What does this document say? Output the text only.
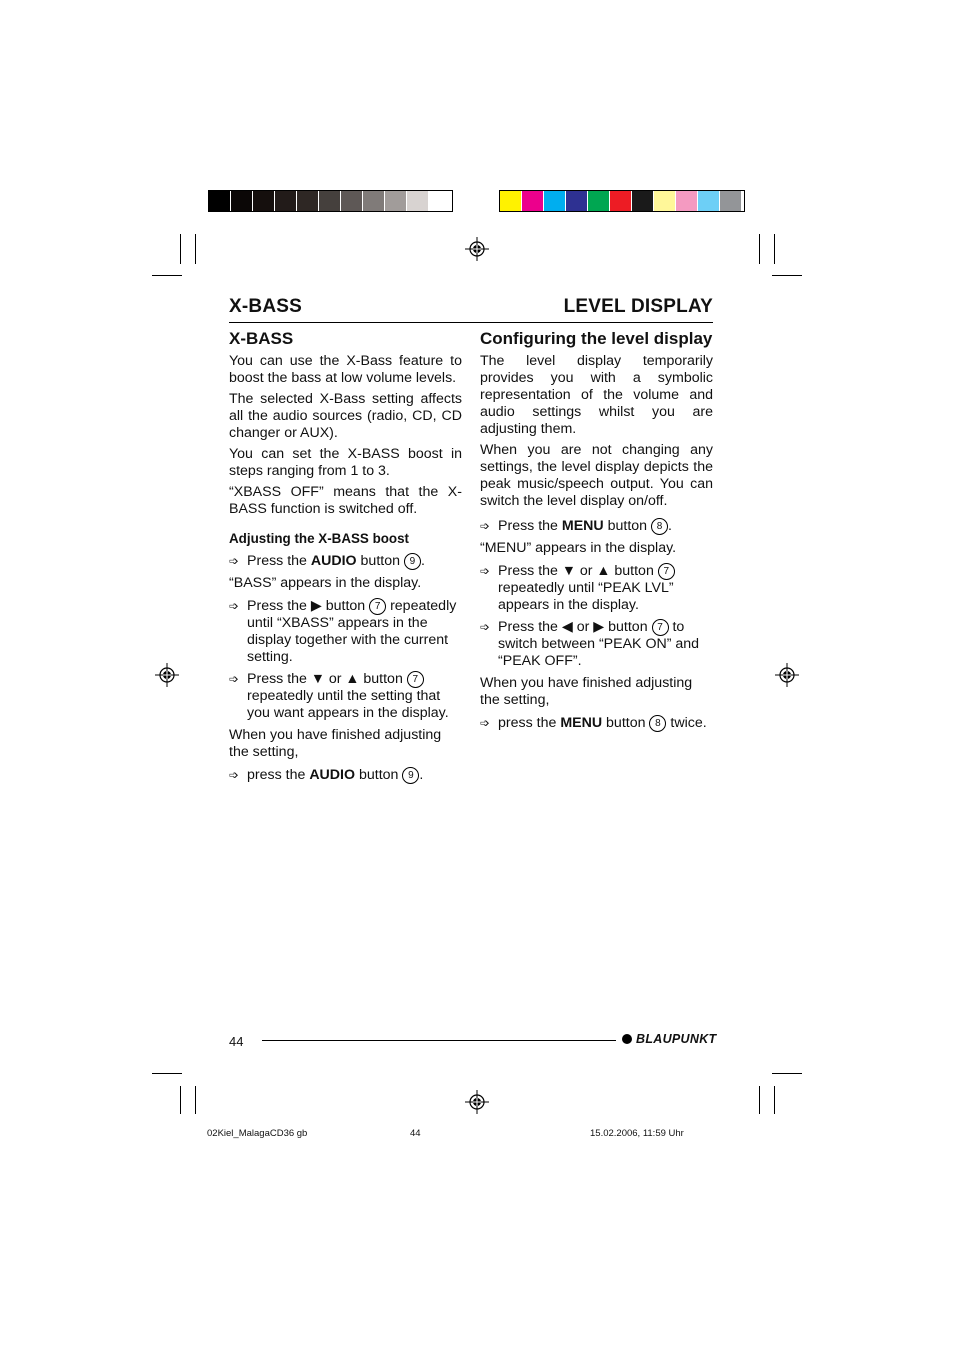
X-BASS	LEVEL DISPLAY
X-BASS

You can use the X-Bass feature to boost the bass at low volume levels.

The selected X-Bass setting affects all the audio sources (radio, CD, CD changer or AUX).

You can set the X-BASS boost in steps ranging from 1 to 3.

“XBASS OFF” means that the X-BASS function is switched off.

Adjusting the X-BASS boost
➩ Press the AUDIO button 9 .

“BASS” appears in the display.

➩ Press the ▶ button 7 repeatedly until “XBASS” appears in the display together with the current setting.
➩ Press the ▼ or ▲ button 7 repeatedly until the setting that you want appears in the display.

When you have finished adjusting the setting,

➩ press the AUDIO button 9 .
Configuring the level display

The level display temporarily provides you with a symbolic representation of the volume and audio settings whilst you are adjusting them.

When you are not changing any settings, the level display depicts the peak music/speech output. You can switch the level display on/off.

➩ Press the MENU button 8 .

“MENU” appears in the display.

➩ Press the ▼ or ▲ button 7 repeatedly until “PEAK LVL” appears in the display.
➩ Press the ◀ or ▶ button 7 to switch between “PEAK ON” and “PEAK OFF”.

When you have finished adjusting the setting,

➩ press the MENU button 8 twice.
44	BLAUPUNKT
02Kiel_MalagaCD36 gb	44	15.02.2006, 11:59 Uhr
